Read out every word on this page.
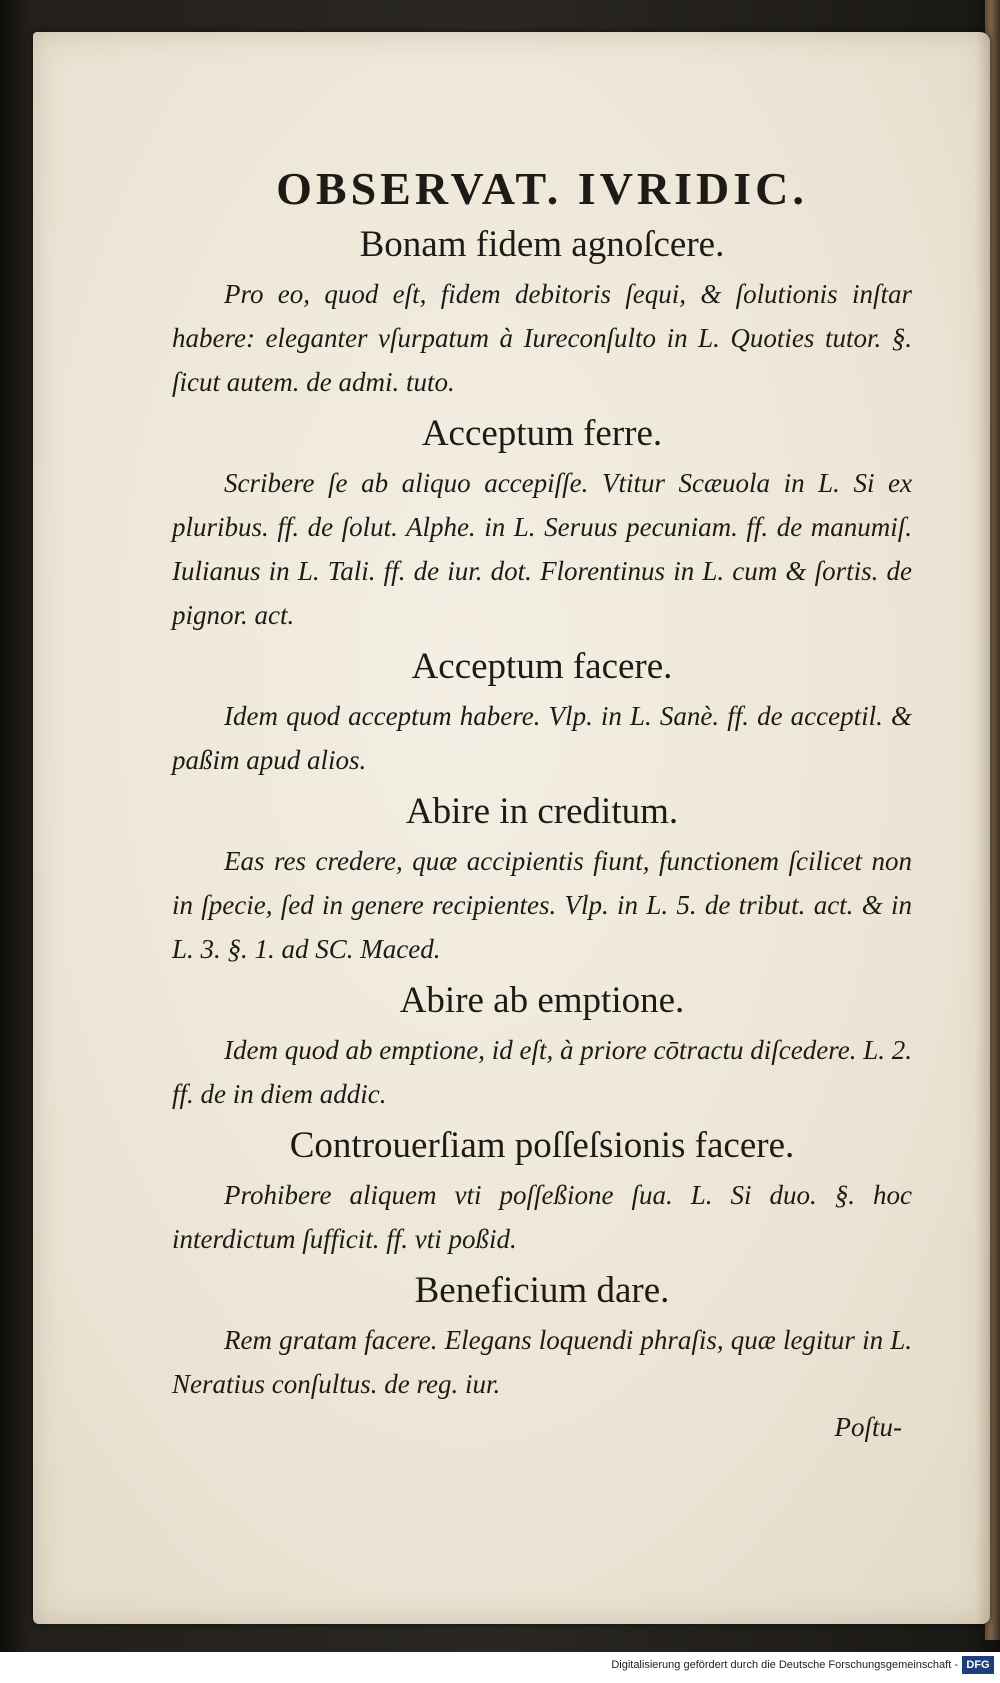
OBSERVAT. IVRIDIC.
Bonam fidem agnoſcere.

Pro eo, quod eſt, fidem debitoris ſequi, & ſolutionis inſtar habere: eleganter vſurpatum à Iureconſulto in L. Quoties tutor. §. ſicut autem. de admi. tuto.

Acceptum ferre.

Scribere ſe ab aliquo accepiſſe. Vtitur Scæuola in L. Si ex pluribus. ff. de ſolut. Alphe. in L. Seruus pecuniam. ff. de manumiſ. Iulianus in L. Tali. ff. de iur. dot. Florentinus in L. cum & ſortis. de pignor. act.

Acceptum facere.

Idem quod acceptum habere. Vlp. in L. Sanè. ff. de acceptil. & paßim apud alios.

Abire in creditum.

Eas res credere, quæ accipientis fiunt, functionem ſcilicet non in ſpecie, ſed in genere recipientes. Vlp. in L. 5. de tribut. act. & in L. 3. §. 1. ad SC. Maced.

Abire ab emptione.

Idem quod ab emptione, id eſt, à priore cōtractu diſcedere. L. 2. ff. de in diem addic.

Controuerſiam poſſeſsionis facere.

Prohibere aliquem vti poſſeßione ſua. L. Si duo. §. hoc interdictum ſufficit. ff. vti poßid.

Beneficium dare.

Rem gratam facere. Elegans loquendi phraſis, quæ legitur in L. Neratius conſultus. de reg. iur.

Poſtu-
Digitalisierung gefördert durch die Deutsche Forschungsgemeinschaft - DFG
